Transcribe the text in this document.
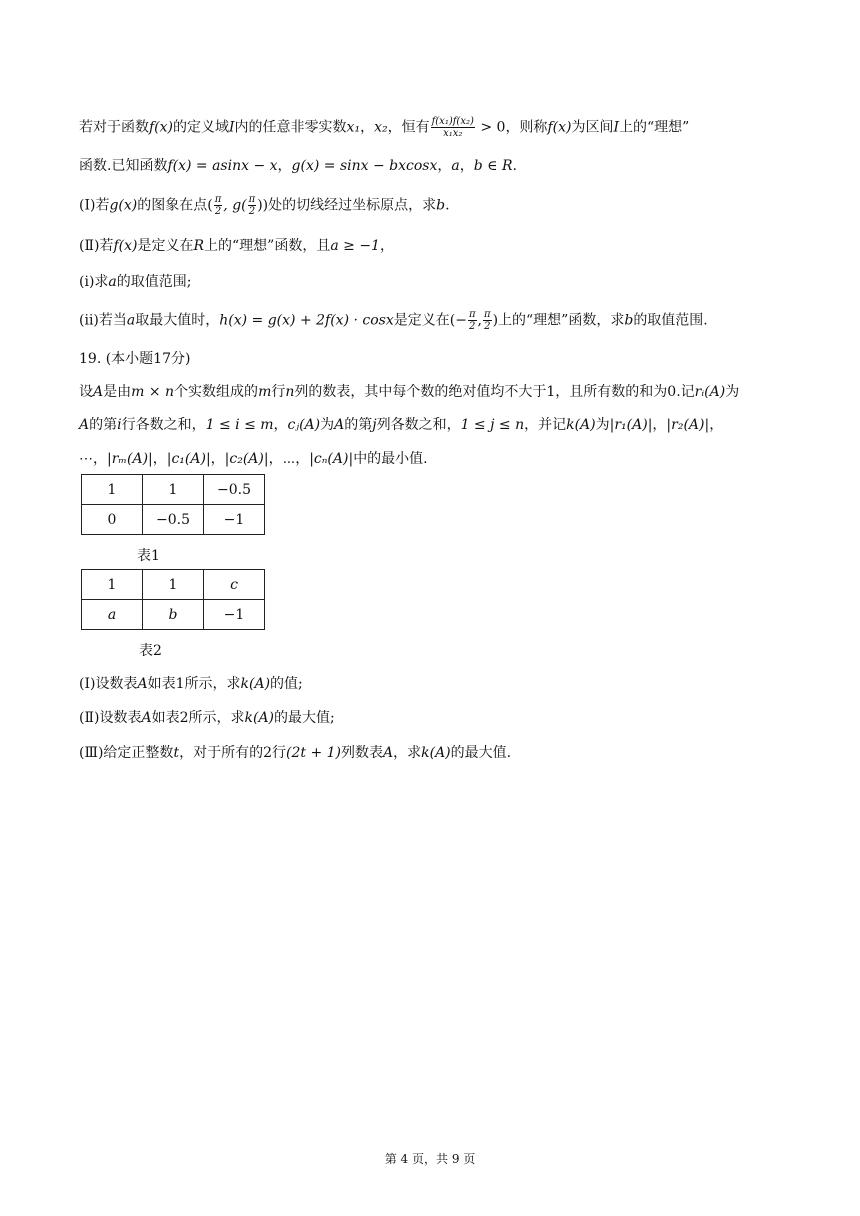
若对于函数f(x)的定义域I内的任意非零实数x₁，x₂，恒有 $\frac{\text{f(x₁)f(x₂)}}{\text{x₁x₂}} > 0$，则称f(x)为区间I上的“理想”
函数.已知函数f(x) = asinx − x，g(x) = sinx − bxcosx，a，b ∈ R.
(Ⅰ)若g(x)的图象在点( $\frac{\pi}{2}$ , $g( \frac{\pi}{2}$ ))处的切线经过坐标原点，求b.
(Ⅱ)若f(x)是定义在R上的“理想”函数，且a ≥ −1，
(ⅰ)求a的取值范围;
(ⅱ)若当a取最大值时，h(x) = g(x) + 2f(x) · cosx是定义在(− $\frac{\pi}{2}$ , $\frac{\pi}{2}$ )上的“理想”函数，求b的取值范围.
19. (本小题17分)
设A是由m × n个实数组成的m行n列的数表，其中每个数的绝对值均不大于1，且所有数的和为0.记rᵢ(A)为
A的第i行各数之和，1 ≤ i ≤ m，cⱼ(A)为A的第j列各数之和，1 ≤ j ≤ n，并记k(A)为|r₁(A)|，|r₂(A)|，
⋯，|rₘ(A)|，|c₁(A)|，|c₂(A)|，⋯，|cₙ(A)|中的最小值.
1	1	−0.5
0	−0.5	−1
表1
1	1	c
a	b	−1
表2
(Ⅰ)设数表A如表1所示，求k(A)的值;
(Ⅱ)设数表A如表2所示，求k(A)的最大值;
(Ⅲ)给定正整数t，对于所有的2行(2t + 1)列数表A，求k(A)的最大值.
第 4 页，共 9 页
